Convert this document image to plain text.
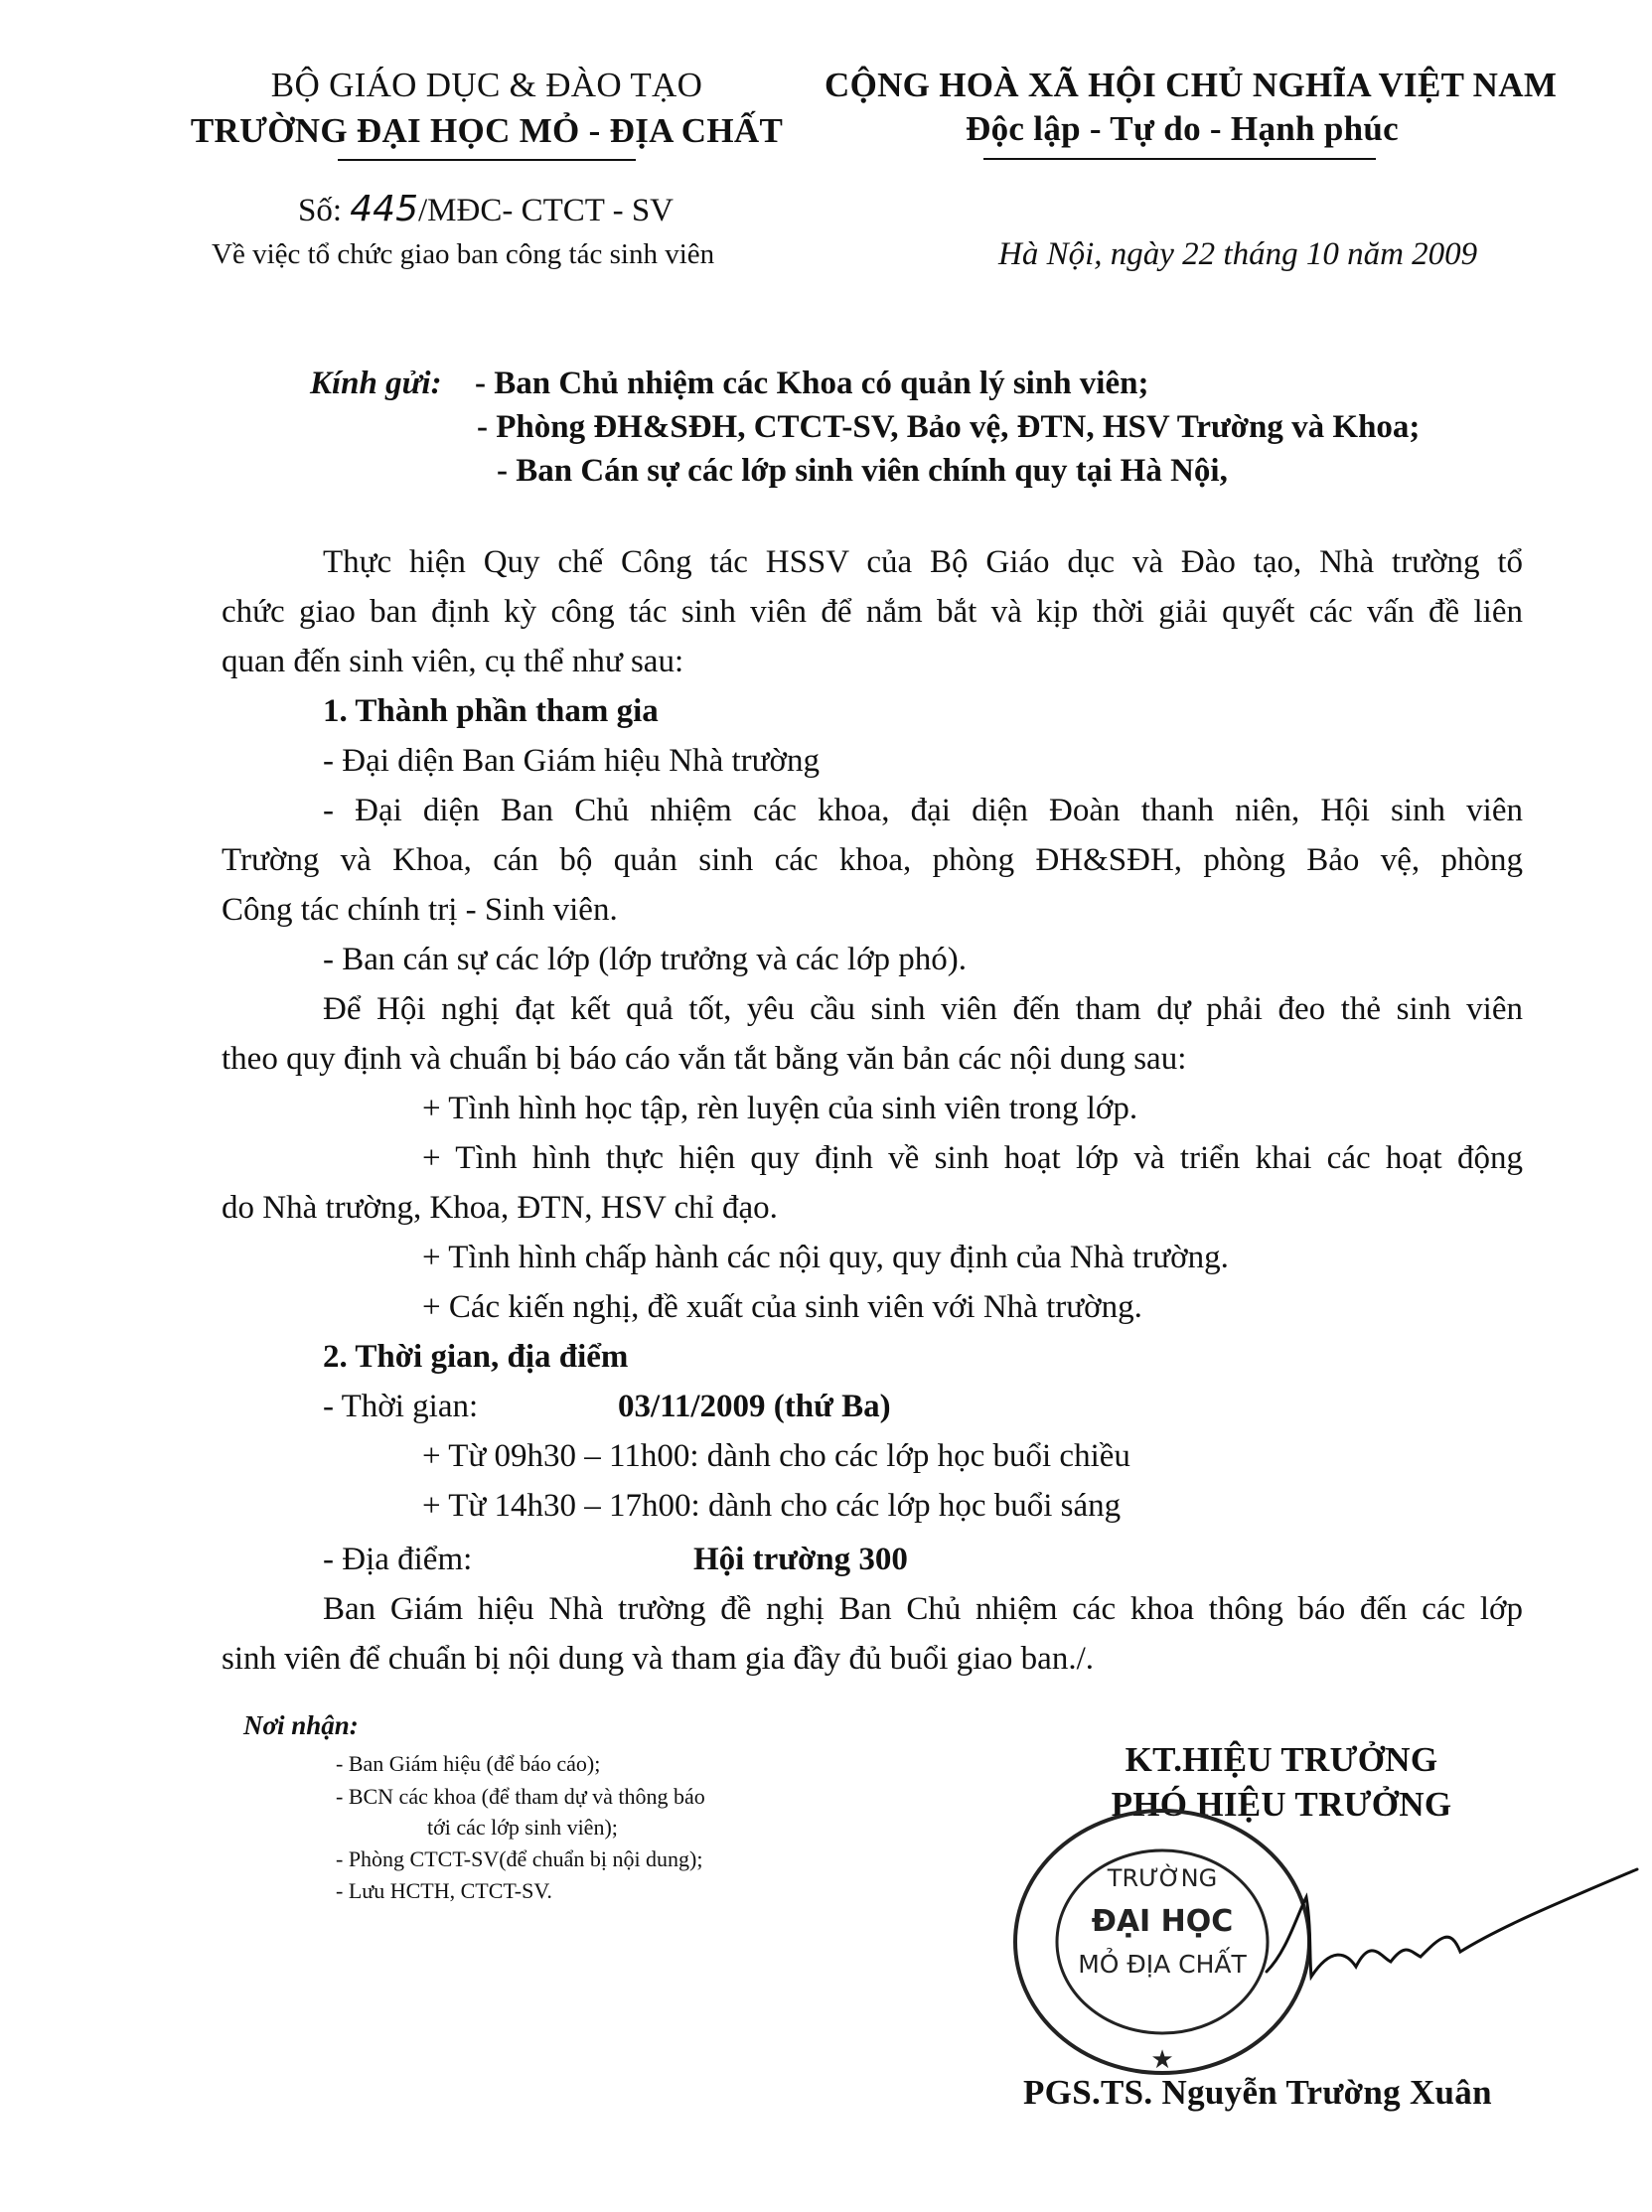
BỘ GIÁO DỤC & ĐÀO TẠO
TRƯỜNG ĐẠI HỌC MỎ - ĐỊA CHẤT
CỘNG HOÀ XÃ HỘI CHỦ NGHĨA VIỆT NAM
Độc lập - Tự do - Hạnh phúc
Số: 445/MĐC- CTCT - SV
Về việc tổ chức giao ban công tác sinh viên	Hà Nội, ngày 22 tháng 10 năm 2009
Kính gửi: - Ban Chủ nhiệm các Khoa có quản lý sinh viên;
- Phòng ĐH&SĐH, CTCT-SV, Bảo vệ, ĐTN, HSV Trường và Khoa;
- Ban Cán sự các lớp sinh viên chính quy tại Hà Nội,
Thực hiện Quy chế Công tác HSSV của Bộ Giáo dục và Đào tạo, Nhà trường tổ
chức giao ban định kỳ công tác sinh viên để nắm bắt và kịp thời giải quyết các vấn đề liên
quan đến sinh viên, cụ thể như sau:
1. Thành phần tham gia
- Đại diện Ban Giám hiệu Nhà trường
- Đại diện Ban Chủ nhiệm các khoa, đại diện Đoàn thanh niên, Hội sinh viên
Trường và Khoa, cán bộ quản sinh các khoa, phòng ĐH&SĐH, phòng Bảo vệ, phòng
Công tác chính trị - Sinh viên.
- Ban cán sự các lớp (lớp trưởng và các lớp phó).
Để Hội nghị đạt kết quả tốt, yêu cầu sinh viên đến tham dự phải đeo thẻ sinh viên
theo quy định và chuẩn bị báo cáo vắn tắt bằng văn bản các nội dung sau:
+ Tình hình học tập, rèn luyện của sinh viên trong lớp.
+ Tình hình thực hiện quy định về sinh hoạt lớp và triển khai các hoạt động
do Nhà trường, Khoa, ĐTN, HSV chỉ đạo.
+ Tình hình chấp hành các nội quy, quy định của Nhà trường.
+ Các kiến nghị, đề xuất của sinh viên với Nhà trường.
2. Thời gian, địa điểm
- Thời gian:	03/11/2009 (thứ Ba)
+ Từ 09h30 – 11h00: dành cho các lớp học buổi chiều
+ Từ 14h30 – 17h00: dành cho các lớp học buổi sáng
- Địa điểm:	Hội trường 300
Ban Giám hiệu Nhà trường đề nghị Ban Chủ nhiệm các khoa thông báo đến các lớp
sinh viên để chuẩn bị nội dung và tham gia đầy đủ buổi giao ban./.
Nơi nhận:
- Ban Giám hiệu (để báo cáo);
- BCN các khoa (để tham dự và thông báo
tới các lớp sinh viên);
- Phòng CTCT-SV(để chuẩn bị nội dung);
- Lưu HCTH, CTCT-SV.
KT.HIỆU TRƯỞNG
PHÓ HIỆU TRƯỞNG
★
TRƯỜNG
ĐẠI HỌC
MỎ ĐỊA CHẤT
PGS.TS. Nguyễn Trường Xuân
